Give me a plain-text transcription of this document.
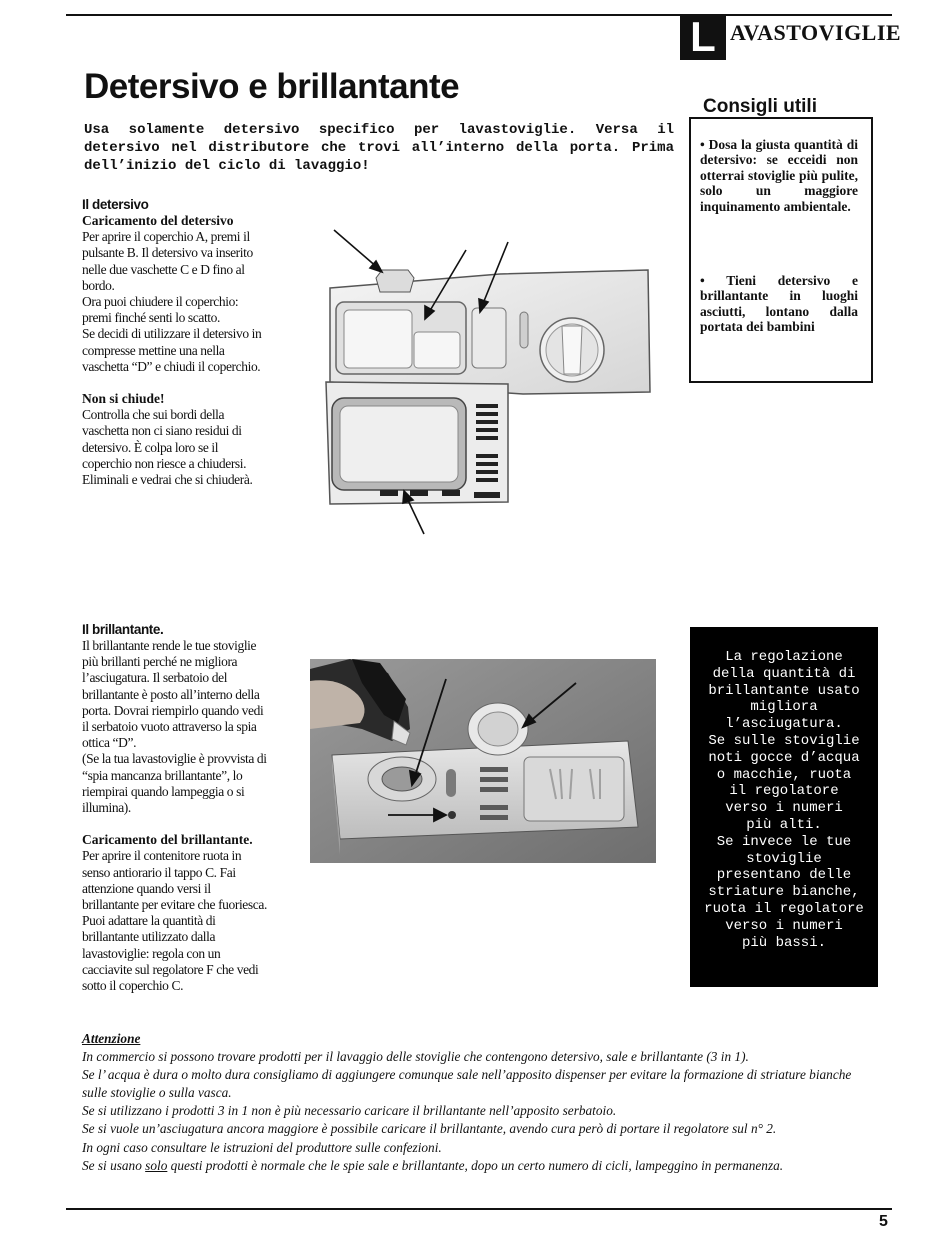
L AVASTOVIGLIE
Detersivo e brillantante
Usa solamente detersivo specifico per lavastoviglie. Versa il detersivo nel distributore che trovi all’interno della porta. Prima dell’inizio del ciclo di lavaggio!
Il detersivo
Caricamento del detersivo

Per aprire il coperchio A, premi il pulsante B. Il detersivo va inserito nelle due vaschette C e D fino al bordo.

Ora puoi chiudere il coperchio: premi finché senti lo scatto.

Se decidi di utilizzare il detersivo in compresse mettine una nella vaschetta “D” e chiudi il coperchio.

Non si chiude!

Controlla che sui bordi della vaschetta non ci siano residui di detersivo. È colpa loro se il coperchio non riesce a chiudersi. Eliminali e vedrai che si chiuderà.

Consigli utili
• Dosa la giusta quantità di detersivo: se ecceidi non otterrai stoviglie più pulite, solo un maggiore inquinamento ambientale.
• Tieni detersivo e brillantante in luoghi asciutti, lontano dalla portata dei bambini
Il brillantante.

Il brillantante rende le tue stoviglie più brillanti perché ne migliora l’asciugatura. Il serbatoio del brillantante è posto all’interno della porta. Dovrai riempirlo quando vedi il serbatoio vuoto attraverso la spia ottica “D”.

(Se la tua lavastoviglie è provvista di “spia mancanza brillantante”, lo riempirai quando lampeggia o si illumina).

Caricamento del brillantante.

Per aprire il contenitore ruota in senso antiorario il tappo C. Fai attenzione quando versi il brillantante per evitare che fuoriesca. Puoi adattare la quantità di brillantante utilizzato dalla lavastoviglie: regola con un cacciavite sul regolatore F che vedi sotto il coperchio C.

La regolazione
della quantità di
brillantante usato
migliora
l’asciugatura.
Se sulle stoviglie
noti gocce d’acqua
o macchie, ruota
il regolatore
verso i numeri
più alti.
Se invece le tue
stoviglie
presentano delle
striature bianche,
ruota il regolatore
verso i numeri
più bassi.

Attenzione

In commercio si possono trovare prodotti per il lavaggio delle stoviglie che contengono detersivo, sale e brillantante (3 in 1).

Se l’ acqua è dura o molto dura consigliamo di aggiungere comunque sale nell’apposito dispenser per evitare la formazione di striature bianche sulle stoviglie o sulla vasca.

Se si utilizzano i prodotti 3 in 1 non è più necessario caricare il brillantante nell’apposito serbatoio.

Se si vuole un’asciugatura ancora maggiore è possibile caricare il brillantante, avendo cura però di portare il regolatore sul n° 2.

In ogni caso consultare le istruzioni del produttore sulle confezioni.

Se si usano solo questi prodotti è normale che le spie sale e brillantante, dopo un certo numero di cicli, lampeggino in permanenza.

5
